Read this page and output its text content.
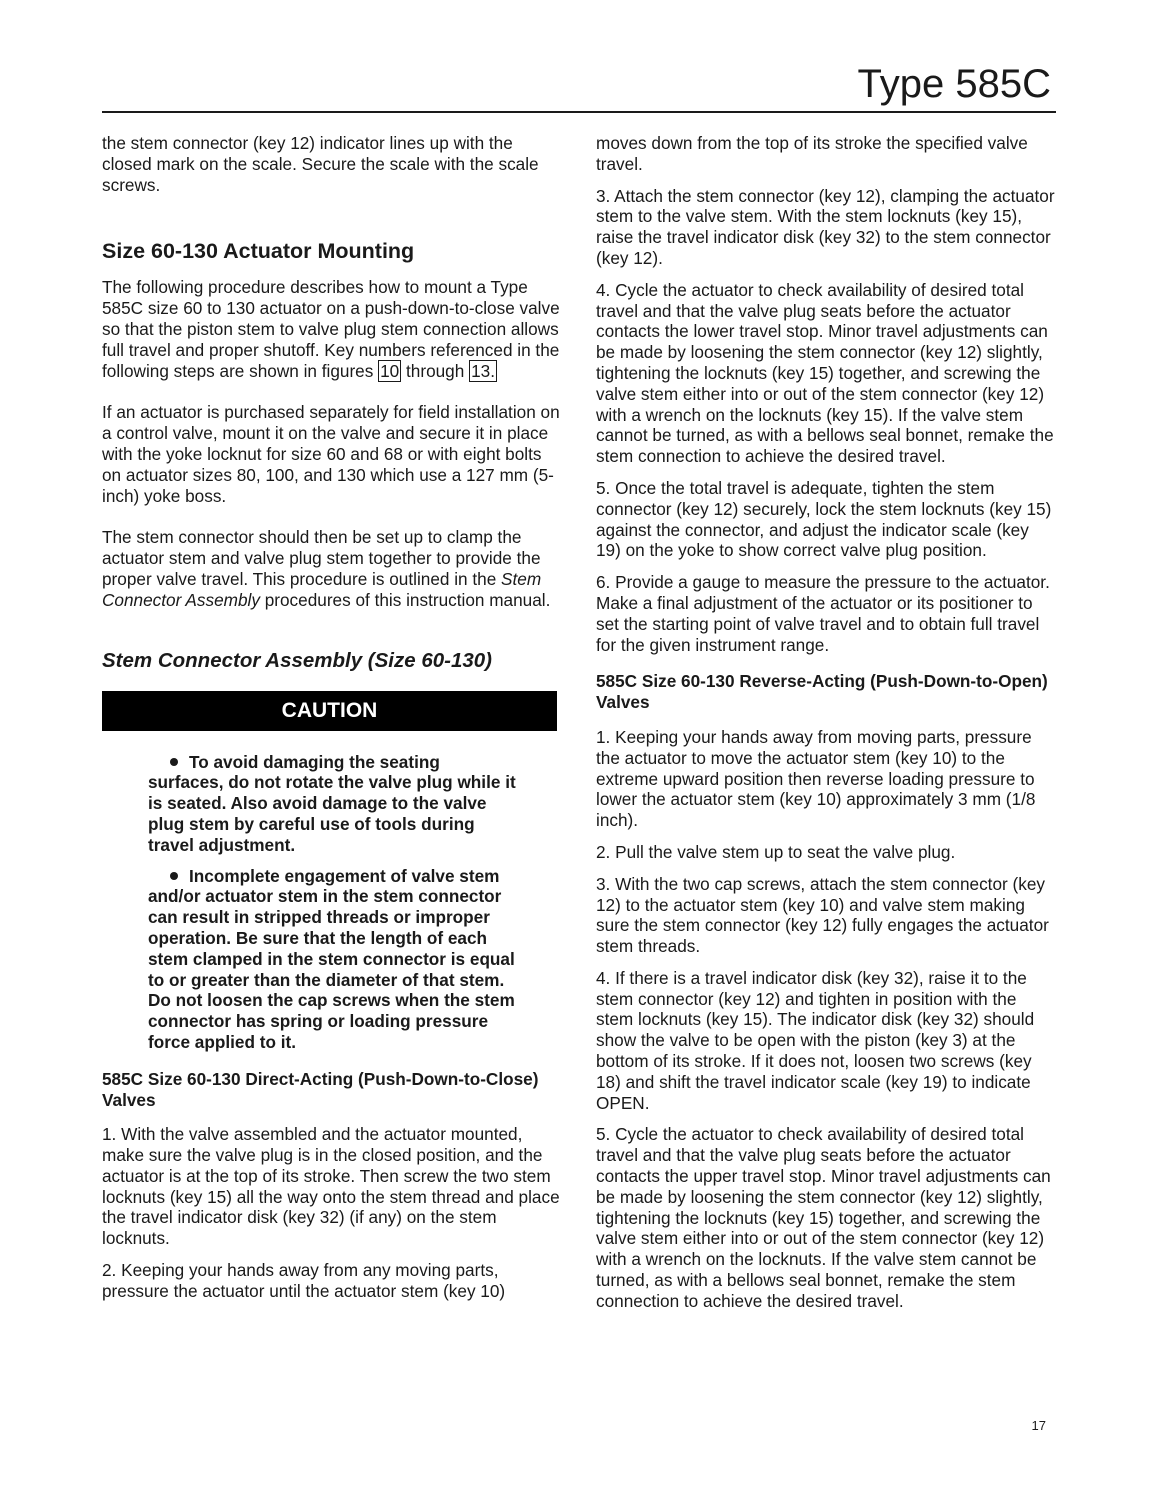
Type 585C

the stem connector (key 12) indicator lines up with the closed mark on the scale. Secure the scale with the scale screws.

Size 60-130 Actuator Mounting

The following procedure describes how to mount a Type 585C size 60 to 130 actuator on a push-down-to-close valve so that the piston stem to valve plug stem connection allows full travel and proper shutoff. Key numbers referenced in the following steps are shown in figures 10 through 13.

If an actuator is purchased separately for field installation on a control valve, mount it on the valve and secure it in place with the yoke locknut for size 60 and 68 or with eight bolts on actuator sizes 80, 100, and 130 which use a 127 mm (5-inch) yoke boss.

The stem connector should then be set up to clamp the actuator stem and valve plug stem together to provide the proper valve travel. This procedure is outlined in the Stem Connector Assembly procedures of this instruction manual.

Stem Connector Assembly (Size 60-130)
CAUTION

To avoid damaging the seating surfaces, do not rotate the valve plug while it is seated. Also avoid damage to the valve plug stem by careful use of tools during travel adjustment.

Incomplete engagement of valve stem and/or actuator stem in the stem connector can result in stripped threads or improper operation. Be sure that the length of each stem clamped in the stem connector is equal to or greater than the diameter of that stem. Do not loosen the cap screws when the stem connector has spring or loading pressure force applied to it.

585C Size 60-130 Direct-Acting (Push-Down-to-Close) Valves

1. With the valve assembled and the actuator mounted, make sure the valve plug is in the closed position, and the actuator is at the top of its stroke. Then screw the two stem locknuts (key 15) all the way onto the stem thread and place the travel indicator disk (key 32) (if any) on the stem locknuts.

2. Keeping your hands away from any moving parts, pressure the actuator until the actuator stem (key 10)

moves down from the top of its stroke the specified valve travel.

3. Attach the stem connector (key 12), clamping the actuator stem to the valve stem. With the stem locknuts (key 15), raise the travel indicator disk (key 32) to the stem connector (key 12).

4. Cycle the actuator to check availability of desired total travel and that the valve plug seats before the actuator contacts the lower travel stop. Minor travel adjustments can be made by loosening the stem connector (key 12) slightly, tightening the locknuts (key 15) together, and screwing the valve stem either into or out of the stem connector (key 12) with a wrench on the locknuts (key 15). If the valve stem cannot be turned, as with a bellows seal bonnet, remake the stem connection to achieve the desired travel.

5. Once the total travel is adequate, tighten the stem connector (key 12) securely, lock the stem locknuts (key 15) against the connector, and adjust the indicator scale (key 19) on the yoke to show correct valve plug position.

6. Provide a gauge to measure the pressure to the actuator. Make a final adjustment of the actuator or its positioner to set the starting point of valve travel and to obtain full travel for the given instrument range.

585C Size 60-130 Reverse-Acting (Push-Down-to-Open) Valves

1. Keeping your hands away from moving parts, pressure the actuator to move the actuator stem (key 10) to the extreme upward position then reverse loading pressure to lower the actuator stem (key 10) approximately 3 mm (1/8 inch).

2. Pull the valve stem up to seat the valve plug.

3. With the two cap screws, attach the stem connector (key 12) to the actuator stem (key 10) and valve stem making sure the stem connector (key 12) fully engages the actuator stem threads.

4. If there is a travel indicator disk (key 32), raise it to the stem connector (key 12) and tighten in position with the stem locknuts (key 15). The indicator disk (key 32) should show the valve to be open with the piston (key 3) at the bottom of its stroke. If it does not, loosen two screws (key 18) and shift the travel indicator scale (key 19) to indicate OPEN.

5. Cycle the actuator to check availability of desired total travel and that the valve plug seats before the actuator contacts the upper travel stop. Minor travel adjustments can be made by loosening the stem connector (key 12) slightly, tightening the locknuts (key 15) together, and screwing the valve stem either into or out of the stem connector (key 12) with a wrench on the locknuts. If the valve stem cannot be turned, as with a bellows seal bonnet, remake the stem connection to achieve the desired travel.

17
